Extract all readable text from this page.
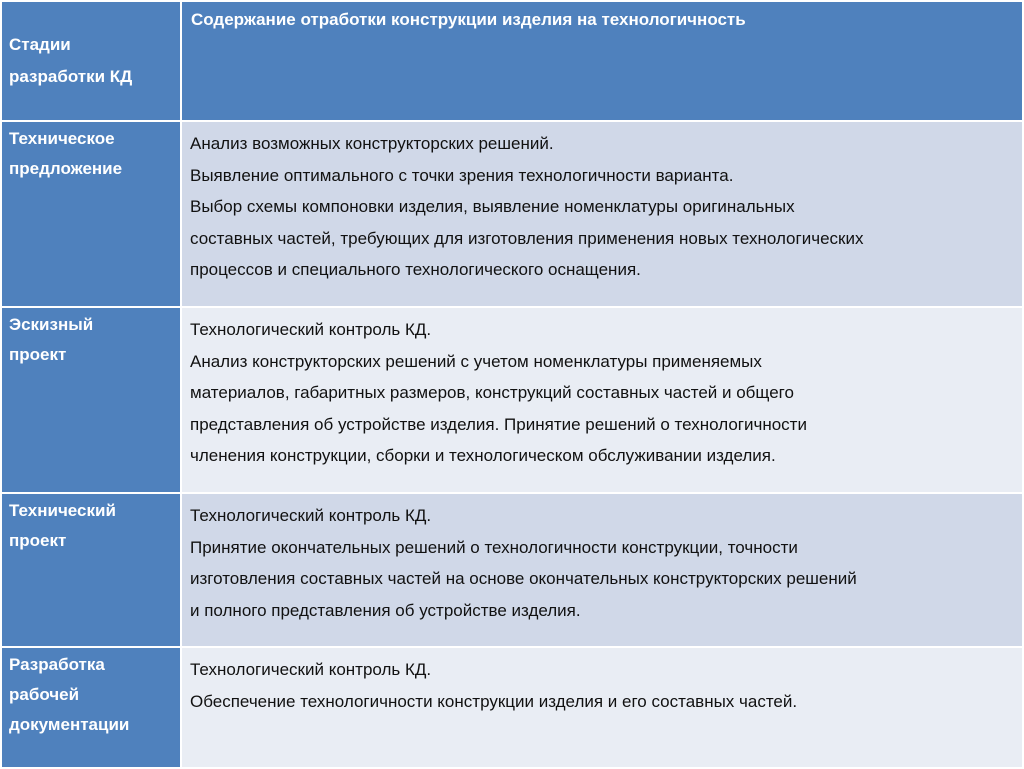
Стадии
разработки КД	Содержание отработки конструкции изделия на технологичность

Техническое
предложение	Анализ возможных конструкторских решений.
Выявление оптимального с точки зрения технологичности варианта.
Выбор схемы компоновки изделия, выявление номенклатуры оригинальных
составных частей, требующих для изготовления применения новых технологических
процессов и специального технологического оснащения.

Эскизный
проект	Технологический контроль КД.
Анализ конструкторских решений с учетом номенклатуры применяемых
материалов, габаритных размеров, конструкций составных частей и общего
представления об устройстве изделия. Принятие решений о технологичности
членения конструкции, сборки и технологическом обслуживании изделия.

Технический
проект	Технологический контроль КД.
Принятие окончательных решений о технологичности конструкции, точности
изготовления составных частей на основе окончательных конструкторских решений
и полного представления об устройстве изделия.

Разработка
рабочей
документации	Технологический контроль КД.
Обеспечение технологичности конструкции изделия и его составных частей.
